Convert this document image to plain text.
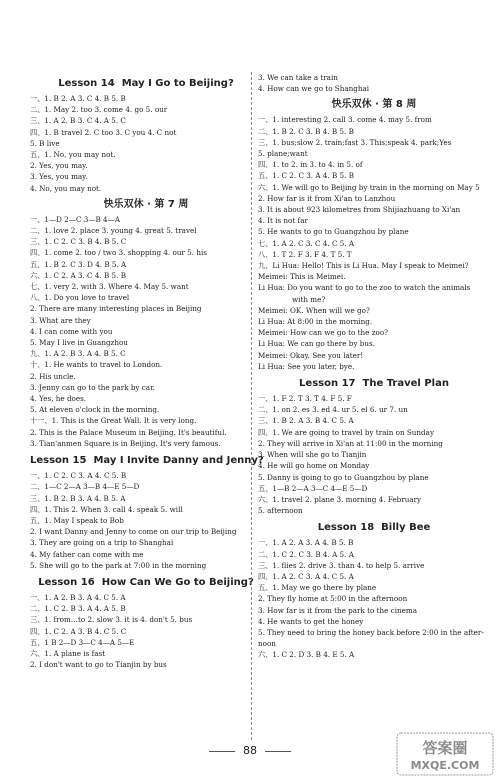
Lesson 14 May I Go to Beijing?
一、1. B 2. A 3. C 4. B 5. B
二、1. May 2. too 3. come 4. go 5. our
三、1. A 2. B 3. C 4. A 5. C
四、1. B travel 2. C too 3. C you 4. C not
5. B live
五、1. No, you may not.
2. Yes, you may.
3. Yes, you may.
4. No, you may not.
快乐双休 · 第 7 周
一、1—D 2—C 3—B 4—A
二、1. love 2. place 3. young 4. great 5. travel
三、1. C 2. C 3. B 4. B 5. C
四、1. come 2. too / two 3. shopping 4. our 5. his
五、1. B 2. C 3. D 4. B 5. A
六、1. C 2. A 3. C 4. B 5. B
七、1. very 2. with 3. Where 4. May 5. want
八、1. Do you love to travel
2. There are many interesting places in Beijing
3. What are they
4. I can come with you
5. May I live in Guangzhou
九、1. A 2. B 3. A 4. B 5. C
十、1. He wants to travel to London.
2. His uncle.
3. Jenny can go to the park by car.
4. Yes, he does.
5. At eleven o'clock in the morning.
十一、1. This is the Great Wall. It is very long.
2. This is the Palace Museum in Beijing. It's beautiful.
3. Tian'anmen Square is in Beijing. It's very famous.
Lesson 15 May I Invite Danny and Jenny?
一、1. C 2. C 3. A 4. C 5. B
二、1—C 2—A 3—B 4—E 5—D
三、1. B 2. B 3. A 4. B 5. A
四、1. This 2. When 3. call 4. speak 5. will
五、1. May I speak to Bob
2. I want Danny and Jenny to come on our trip to Beijing
3. They are going on a trip to Shanghai
4. My father can come with me
5. She will go to the park at 7:00 in the morning
Lesson 16 How Can We Go to Beijing?
一、1. A 2. B 3. A 4. C 5. A
二、1. C 2. B 3. A 4. A 5. B
三、1. from…to 2. slow 3. it is 4. don't 5. bus
四、1. C 2. A 3. B 4. C 5. C
五、1 B 2—D 3—C 4—A 5—E
六、1. A plane is fast
2. I don't want to go to Tianjin by bus
3. We can take a train
4. How can we go to Shanghai
快乐双休 · 第 8 周
一、1. interesting 2. call 3. come 4. may 5. from
二、1. B 2. C 3. B 4. B 5. B
三、1. bus;slow 2. train;fast 3. This;speak 4. park;Yes
5. plane;want
四、1. to 2. in 3. to 4. in 5. of
五、1. C 2. C 3. A 4. B 5. B
六、1. We will go to Beijing by train in the morning on May 5
2. How far is it from Xi'an to Lanzhou
3. It is about 923 kilometres from Shijiazhuang to Xi'an
4. It is not far
5. He wants to go to Guangzhou by plane
七、1. A 2. C 3. C 4. C 5. A
八、1. T 2. F 3. F 4. T 5. T
九、Li Hua: Hello! This is Li Hua. May I speak to Meimei?
Meimei: This is Meimei.
Li Hua: Do you want to go to the zoo to watch the animals
with me?
Meimei: OK. When will we go?
Li Hua: At 8:00 in the morning.
Meimei: How can we go to the zoo?
Li Hua: We can go there by bus.
Meimei: Okay. See you later!
Li Hua: See you later, bye.
Lesson 17 The Travel Plan
一、1. F 2. T 3. T 4. F 5. F
二、1. on 2. es 3. ed 4. ur 5. el 6. ur 7. un
三、1. B 2. A 3. B 4. C 5. A
四、1. We are going to travel by train on Sunday
2. They will arrive in Xi'an at 11:00 in the morning
3. When will she go to Tianjin
4. He will go home on Monday
5. Danny is going to go to Guangzhou by plane
五、1—B 2—A 3—C 4—E 5—D
六、1. travel 2. plane 3. morning 4. February
5. afternoon
Lesson 18 Billy Bee
一、1. A 2. A 3. A 4. B 5. B
二、1. C 2. C 3. B 4. A 5. A
三、1. flies 2. drive 3. than 4. to help 5. arrive
四、1. A 2. C 3. A 4. C 5. A
五、1. May we go there by plane
2. They fly home at 5:00 in the afternoon
3. How far is it from the park to the cinema
4. He wants to get the honey
5. They need to bring the honey back before 2:00 in the after-
noon
六、1. C 2. D 3. B 4. E 5. A
88	答案圈
MXQE.COM
